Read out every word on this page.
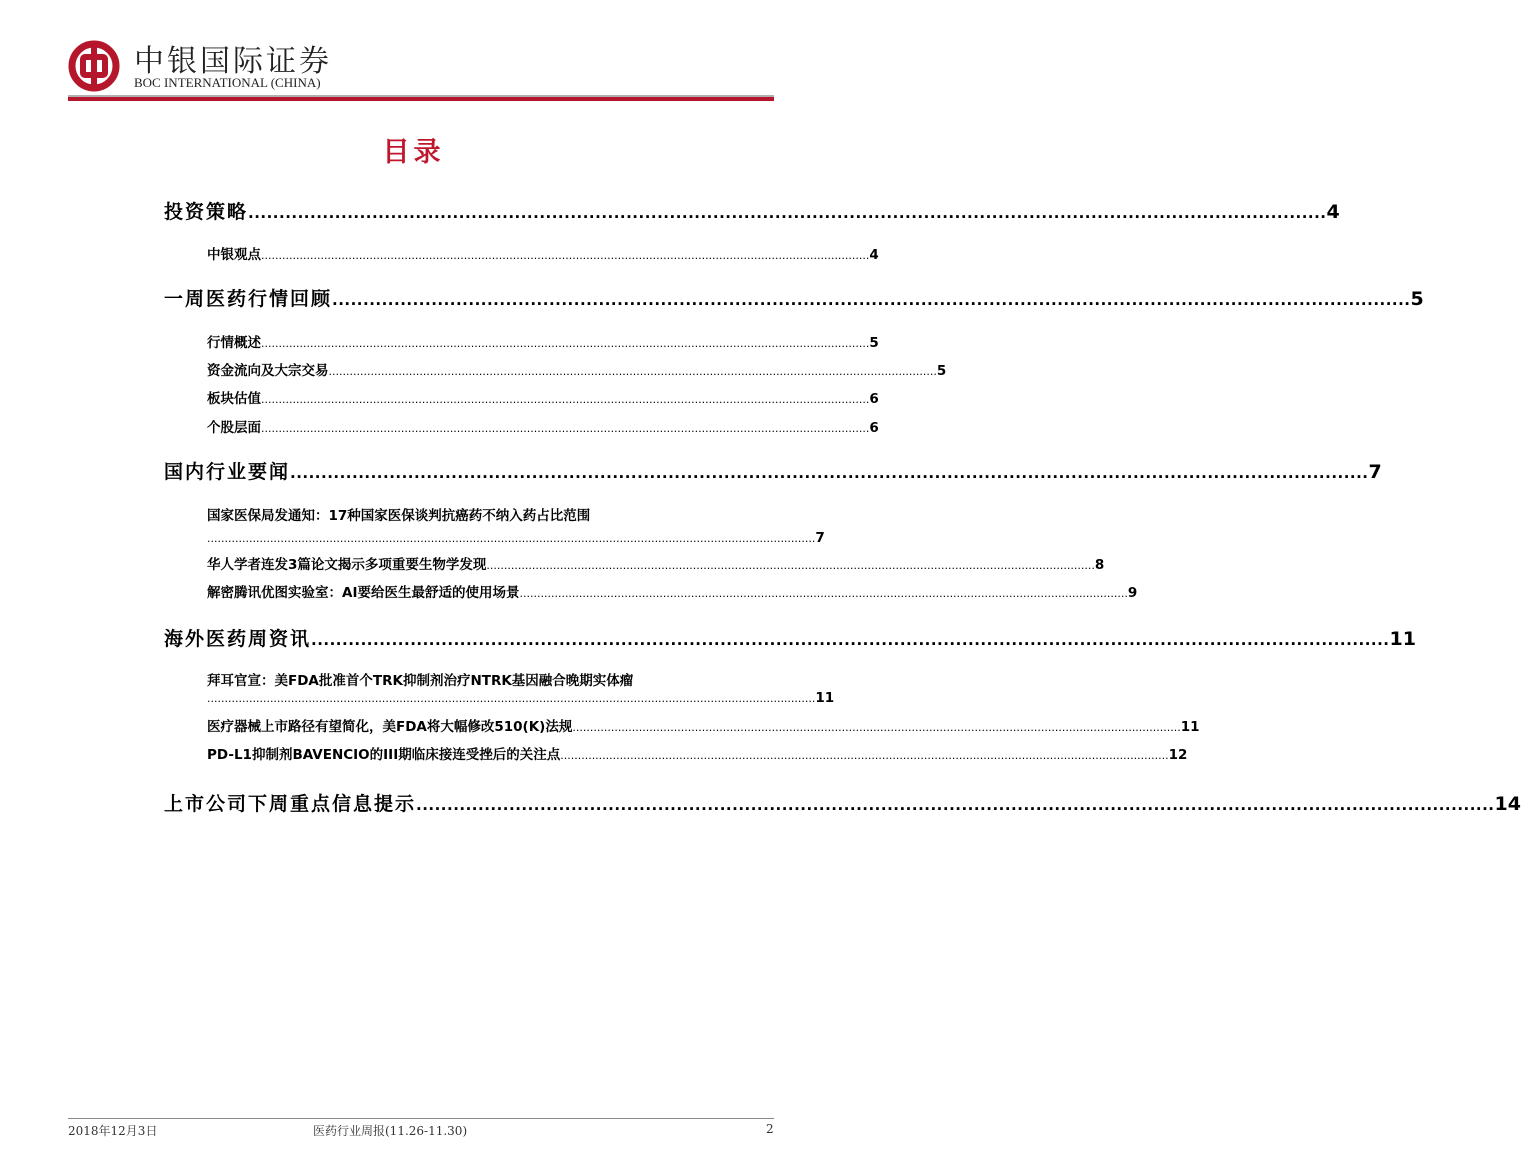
中银国际证券
BOC INTERNATIONAL (CHINA)
目录
投资策略 .............................................................................................................................................................................. 4
中银观点 .............................................................................................................................................................................. 4
一周医药行情回顾 .............................................................................................................................................................................. 5
行情概述 .............................................................................................................................................................................. 5
资金流向及大宗交易 .............................................................................................................................................................................. 5
板块估值 .............................................................................................................................................................................. 6
个股层面 .............................................................................................................................................................................. 6
国内行业要闻 .............................................................................................................................................................................. 7
国家医保局发通知：17种国家医保谈判抗癌药不纳入药占比范围
.............................................................................................................................................................................. 7
华人学者连发3篇论文揭示多项重要生物学发现 .............................................................................................................................................................................. 8
解密腾讯优图实验室：AI要给医生最舒适的使用场景 .............................................................................................................................................................................. 9
海外医药周资讯 .............................................................................................................................................................................. 11
拜耳官宣：美FDA批准首个TRK抑制剂治疗NTRK基因融合晚期实体瘤
.............................................................................................................................................................................. 11
医疗器械上市路径有望简化，美FDA将大幅修改510(K)法规 .............................................................................................................................................................................. 11
PD-L1抑制剂BAVENCIO的III期临床接连受挫后的关注点 .............................................................................................................................................................................. 12
上市公司下周重点信息提示 .............................................................................................................................................................................. 14
2018年12月3日	医药行业周报(11.26-11.30)	2
